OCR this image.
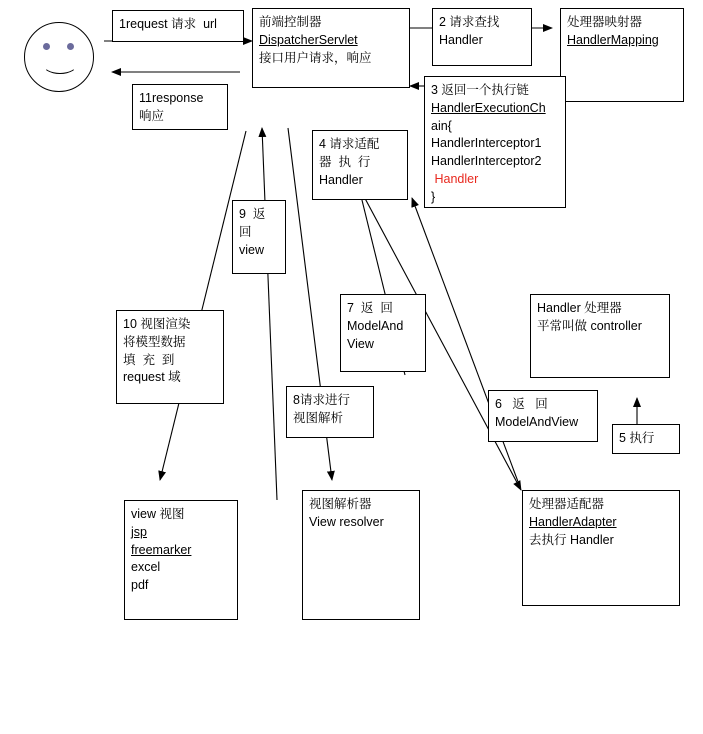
1request 请求  url	前端控制器
DispatcherServlet
接口用户请求，响应
2 请求查找
Handler
处理器映射器
HandlerMapping
11response
响应
3 返回一个执行链
HandlerExecutionCh
ain{
HandlerInterceptor1
HandlerInterceptor2
Handler
}
4 请求适配
器  执  行
Handler
9  返
回
view
7  返  回
ModelAnd
View
Handler 处理器
平常叫做 controller
10 视图渲染
将模型数据
填  充  到
request 域
8请求进行
视图解析
6   返   回
ModelAndView
5 执行
view 视图
jsp
freemarker
excel
pdf
视图解析器
View resolver
处理器适配器
HandlerAdapter
去执行 Handler
